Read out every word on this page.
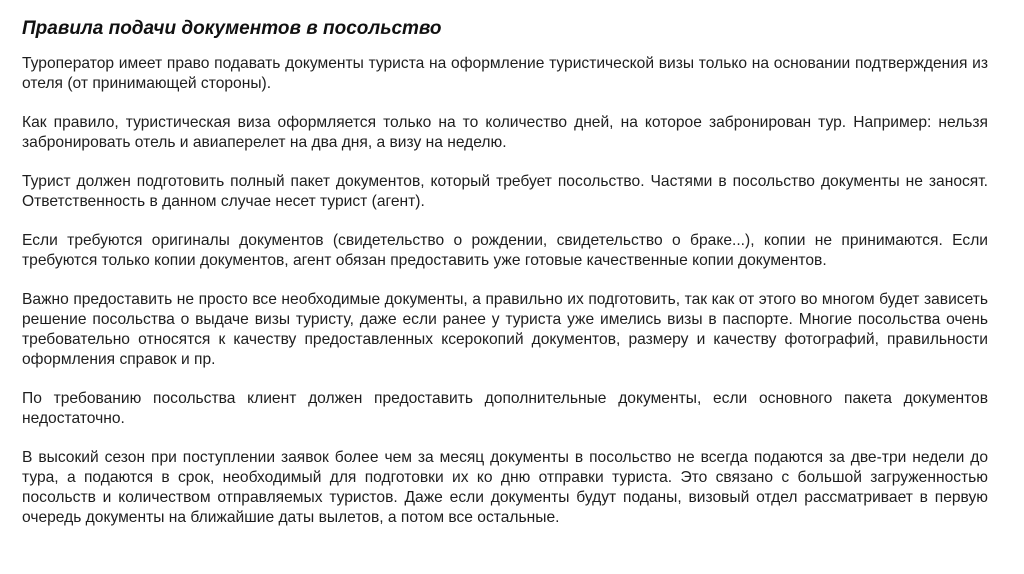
Правила подачи документов в посольство

Туроператор имеет право подавать документы туриста на оформление туристической визы только на основании подтверждения из отеля (от принимающей стороны).

Как правило, туристическая виза оформляется только на то количество дней, на которое забронирован тур. Например: нельзя забронировать отель и авиаперелет на два дня, а визу на неделю.

Турист должен подготовить полный пакет документов, который требует посольство. Частями в посольство документы не заносят. Ответственность в данном случае несет турист (агент).

Если требуются оригиналы документов (свидетельство о рождении, свидетельство о браке...), копии не принимаются. Если требуются только копии документов, агент обязан предоставить уже готовые качественные копии документов.

Важно предоставить не просто все необходимые документы, а правильно их подготовить, так как от этого во многом будет зависеть решение посольства о выдаче визы туристу, даже если ранее у туриста уже имелись визы в паспорте. Многие посольства очень требовательно относятся к качеству предоставленных ксерокопий документов, размеру и качеству фотографий, правильности оформления справок и пр.

По требованию посольства клиент должен предоставить дополнительные документы, если основного пакета документов недостаточно.

В высокий сезон при поступлении заявок более чем за месяц документы в посольство не всегда подаются за две-три недели до тура, а подаются в срок, необходимый для подготовки их ко дню отправки туриста. Это связано с большой загруженностью посольств и количеством отправляемых туристов. Даже если документы будут поданы, визовый отдел рассматривает в первую очередь документы на ближайшие даты вылетов, а потом все остальные.
